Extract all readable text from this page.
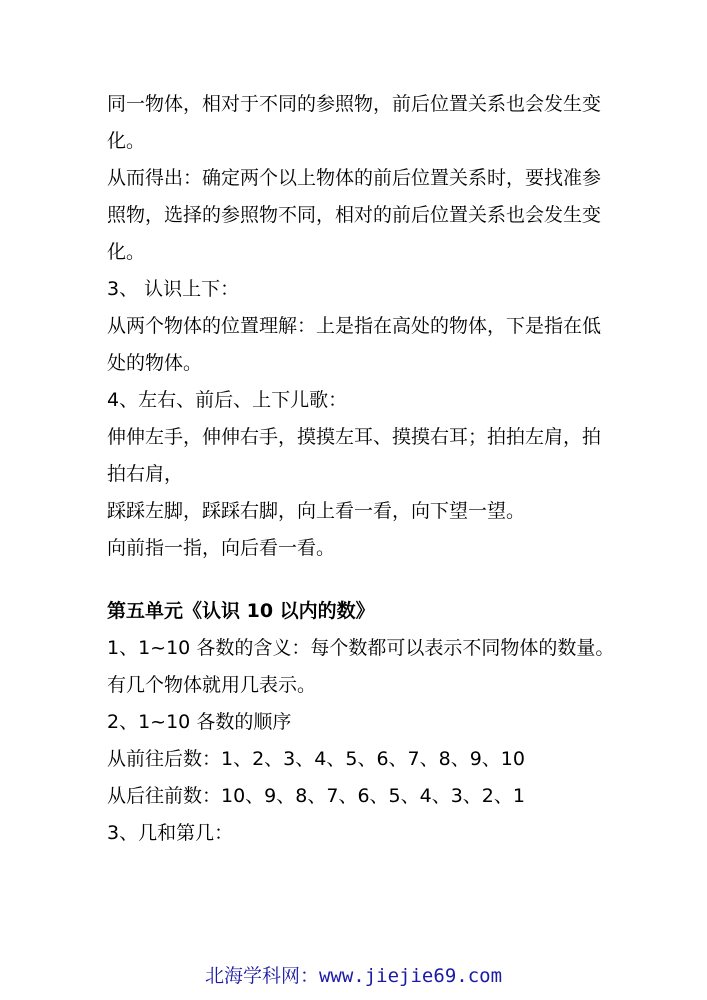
同一物体，相对于不同的参照物，前后位置关系也会发生变
化。
从而得出：确定两个以上物体的前后位置关系时，要找准参
照物，选择的参照物不同，相对的前后位置关系也会发生变
化。
3、 认识上下：
从两个物体的位置理解：上是指在高处的物体，下是指在低
处的物体。
4、左右、前后、上下儿歌：
伸伸左手，伸伸右手，摸摸左耳、摸摸右耳；拍拍左肩，拍
拍右肩，
踩踩左脚，踩踩右脚，向上看一看，向下望一望。
向前指一指，向后看一看。
第五单元《认识 10 以内的数》
1、1~10 各数的含义：每个数都可以表示不同物体的数量。
有几个物体就用几表示。
2、1~10 各数的顺序
从前往后数：1、2、3、4、5、6、7、8、9、10
从后往前数：10、9、8、7、6、5、4、3、2、1
3、几和第几：
北海学科网：www.jiejie69.com
